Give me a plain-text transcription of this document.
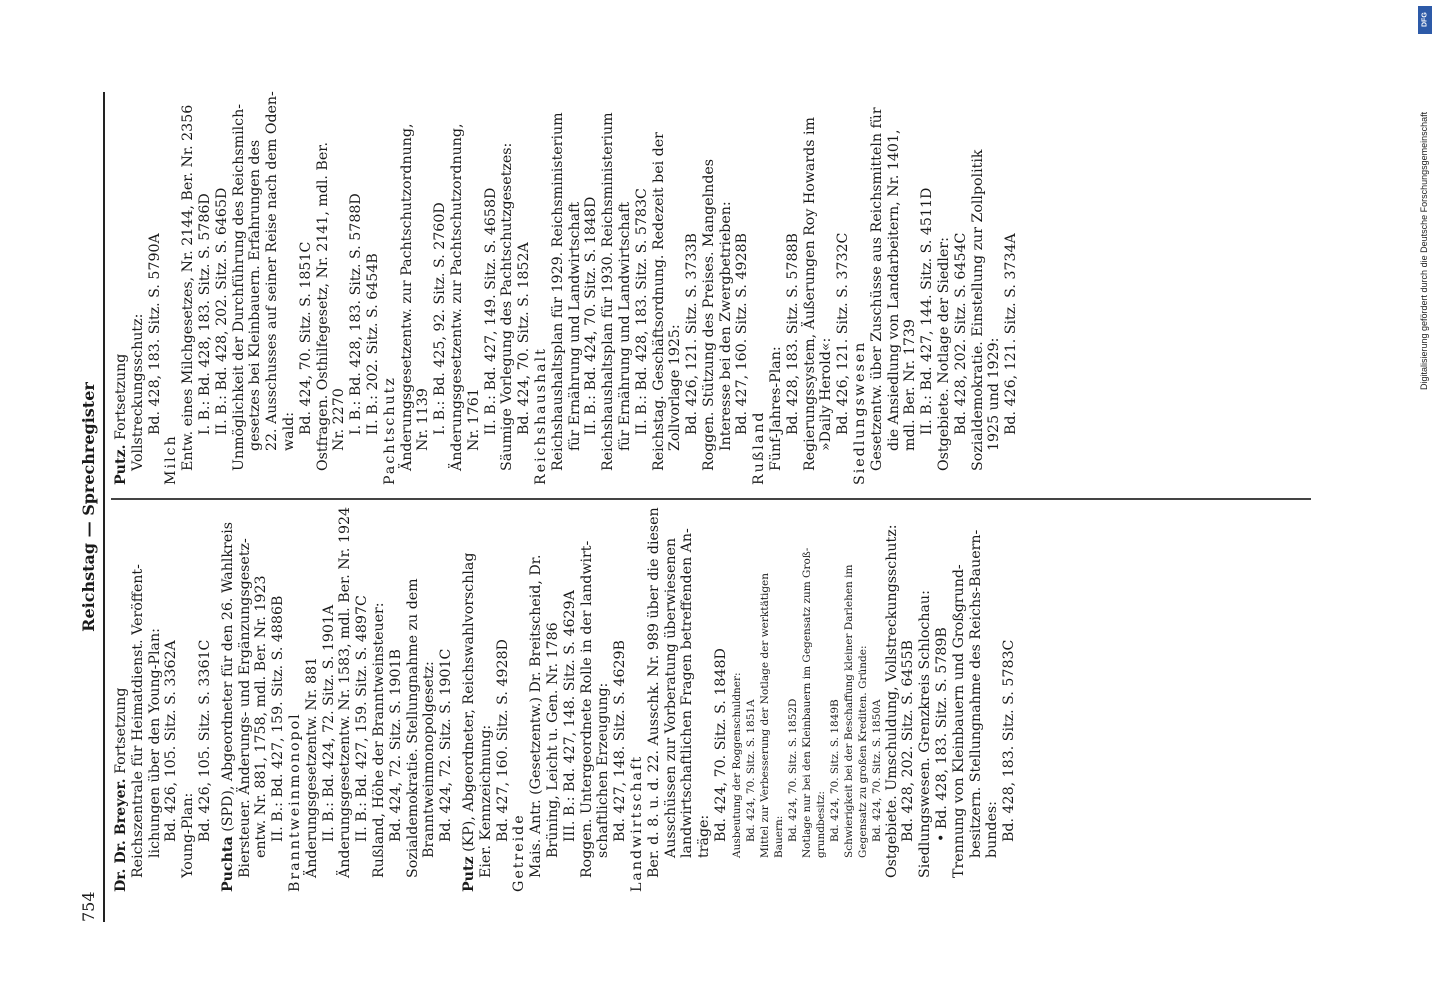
DFG
Digitalisierung gefördert durch die Deutsche Forschungsgemeinschaft
754
Reichstag — Sprechregister

Dr. Dr. Breyer. Fortsetzung Reichszentrale für Heimatdienst. Veröffent- lichungen über den Young-Plan: Bd. 426, 105. Sitz. S. 3362A Young-Plan: Bd. 426, 105. Sitz. S. 3361C

Puchta (SPD), Abgeordneter für den 26. Wahlkreis Biersteuer. Änderungs- und Ergänzungsgesetz- entw. Nr. 881, 1758, mdl. Ber. Nr. 1923 II. B.: Bd. 427, 159. Sitz. S. 4886B Branntweinmonopol Änderungsgesetzentw. Nr. 881 II. B.: Bd. 424, 72. Sitz. S. 1901A Änderungsgesetzentw. Nr. 1583, mdl. Ber. Nr. 1924 II. B.: Bd. 427, 159. Sitz. S. 4897C Rußland, Höhe der Branntweinsteuer: Bd. 424, 72. Sitz. S. 1901B Sozialdemokratie. Stellungnahme zu dem Branntweinmonopolgesetz: Bd. 424, 72. Sitz. S. 1901C

Putz (KP), Abgeordneter, Reichswahlvorschlag Eier. Kennzeichnung: Bd. 427, 160. Sitz. S. 4928D

Getreide Mais. Antr. (Gesetzentw.) Dr. Breitscheid, Dr. Brüning, Leicht u. Gen. Nr. 1786 III. B.: Bd. 427, 148. Sitz. S. 4629A Roggen. Untergeordnete Rolle in der landwirt- schaftlichen Erzeugung: Bd. 427, 148. Sitz. S. 4629B Landwirtschaft Ber. d. 8. u. d. 22. Ausschk. Nr. 989 über die diesen Ausschüssen zur Vorberatung überwiesenen landwirtschaftlichen Fragen betreffenden An- träge: Bd. 424, 70. Sitz. S. 1848D Ausbeutung der Roggenschuldner: Bd. 424, 70. Sitz. S. 1851A Mittel zur Verbesserung der Notlage der werktätigen Bauern: Bd. 424, 70. Sitz. S. 1852D Notlage nur bei den Kleinbauern im Gegensatz zum Groß- grundbesitz: Bd. 424, 70. Sitz. S. 1849B Schwierigkeit bei der Beschaffung kleiner Darlehen im Gegensatz zu großen Krediten. Gründe: Bd. 424, 70. Sitz. S. 1850A Ostgebiete. Umschuldung, Vollstreckungsschutz: Bd. 428, 202. Sitz. S. 6455B Siedlungswesen. Grenzkreis Schlochau: • Bd. 428, 183. Sitz. S. 5789B Trennung von Kleinbauern und Großgrund- besitzern. Stellungnahme des Reichs-Bauern- bundes: Bd. 428, 183. Sitz. S. 5783C

Putz. Fortsetzung Vollstreckungsschutz: Bd. 428, 183. Sitz. S. 5790A

Milch Entw. eines Milchgesetzes, Nr. 2144, Ber. Nr. 2356 I. B.: Bd. 428, 183. Sitz. S. 5786D II. B.: Bd. 428, 202. Sitz. S. 6465D Unmöglichkeit der Durchführung des Reichsmilch- gesetzes bei Kleinbauern. Erfahrungen des 22. Ausschusses auf seiner Reise nach dem Oden- wald: Bd. 424, 70. Sitz. S. 1851C Ostfragen. Osthilfegesetz, Nr. 2141, mdl. Ber. Nr. 2270 I. B.: Bd. 428, 183. Sitz. S. 5788D II. B.: 202. Sitz. S. 6454B Pachtschutz Änderungsgesetzentw. zur Pachtschutzordnung, Nr. 1139 I. B.: Bd. 425, 92. Sitz. S. 2760D Änderungsgesetzentw. zur Pachtschutzordnung, Nr. 1761 II. B.: Bd. 427, 149. Sitz. S. 4658D Säumige Vorlegung des Pachtschutzgesetzes: Bd. 424, 70. Sitz. S. 1852A Reichshaushalt Reichshaushaltsplan für 1929. Reichsministerium für Ernährung und Landwirtschaft II. B.: Bd. 424, 70. Sitz. S. 1848D Reichshaushaltsplan für 1930. Reichsministerium für Ernährung und Landwirtschaft II. B.: Bd. 428, 183. Sitz. S. 5783C Reichstag. Geschäftsordnung. Redezeit bei der Zollvorlage 1925: Bd. 426, 121. Sitz. S. 3733B Roggen. Stützung des Preises. Mangelndes Interesse bei den Zwergbetrieben: Bd. 427, 160. Sitz. S. 4928B

Rußland Fünf-Jahres-Plan: Bd. 428, 183. Sitz. S. 5788B Regierungssystem, Äußerungen Roy Howards im »Daily Herold«: Bd. 426, 121. Sitz. S. 3732C Siedlungswesen Gesetzentw. über Zuschüsse aus Reichsmitteln für die Ansiedlung von Landarbeitern, Nr. 1401, mdl. Ber. Nr. 1739 II. B.: Bd. 427, 144. Sitz. S. 4511D Ostgebiete. Notlage der Siedler: Bd. 428, 202. Sitz. S. 6454C Sozialdemokratie. Einstellung zur Zollpolitik 1925 und 1929: Bd. 426, 121. Sitz. S. 3734A
